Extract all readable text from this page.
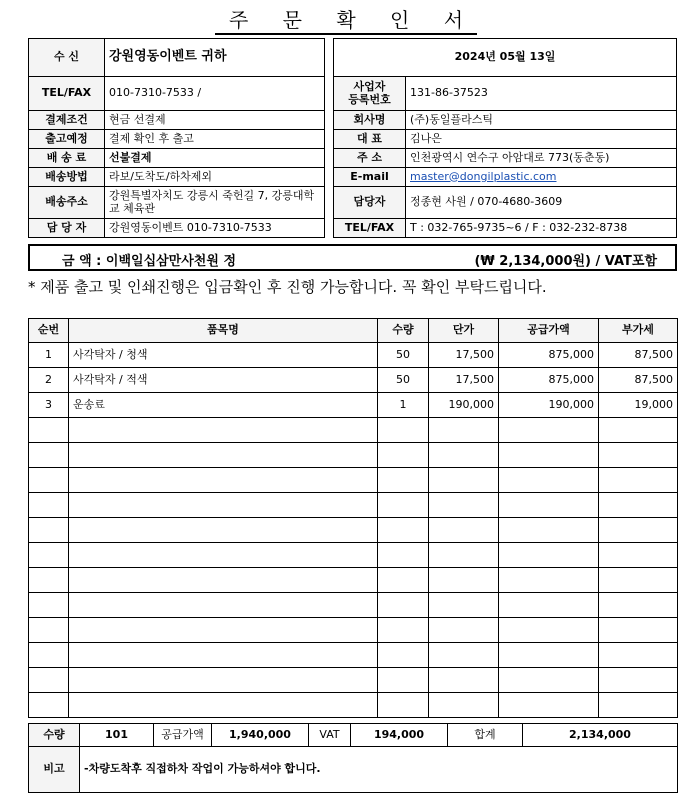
주 문 확 인 서
수 신	강원영동이벤트 귀하
TEL/FAX	010-7310-7533 /
결제조건	현금 선결제
출고예정	결제 확인 후 출고
배 송 료	선불결제
배송방법	라보/도착도/하차제외
배송주소	강원특별자치도 강릉시 죽헌길 7, 강릉대학교 체육관
담 당 자	강원영동이벤트 010-7310-7533
2024년 05월 13일	
사업자
등록번호	131-86-37523
회사명	(주)동일플라스틱
대 표	김나은
주 소	인천광역시 연수구 아암대로 773(동춘동)
E-mail	master@dongilplastic.com
담당자	정종현 사원 / 070-4680-3609
TEL/FAX	T : 032-765-9735~6 / F : 032-232-8738
금 액 : 이백일십삼만사천원 정	(₩ 2,134,000원) / VAT포함
* 제품 출고 및 인쇄진행은 입금확인 후 진행 가능합니다. 꼭 확인 부탁드립니다.
순번	품목명	수량	단가	공급가액	부가세
1	사각탁자 / 청색	50	17,500	875,000	87,500
2	사각탁자 / 적색	50	17,500	875,000	87,500
3	운송료	1	190,000	190,000	19,000

수량	101	공급가액	1,940,000	VAT	194,000	합계	2,134,000
비고	-차량도착후 직접하차 작업이 가능하셔야 합니다.
